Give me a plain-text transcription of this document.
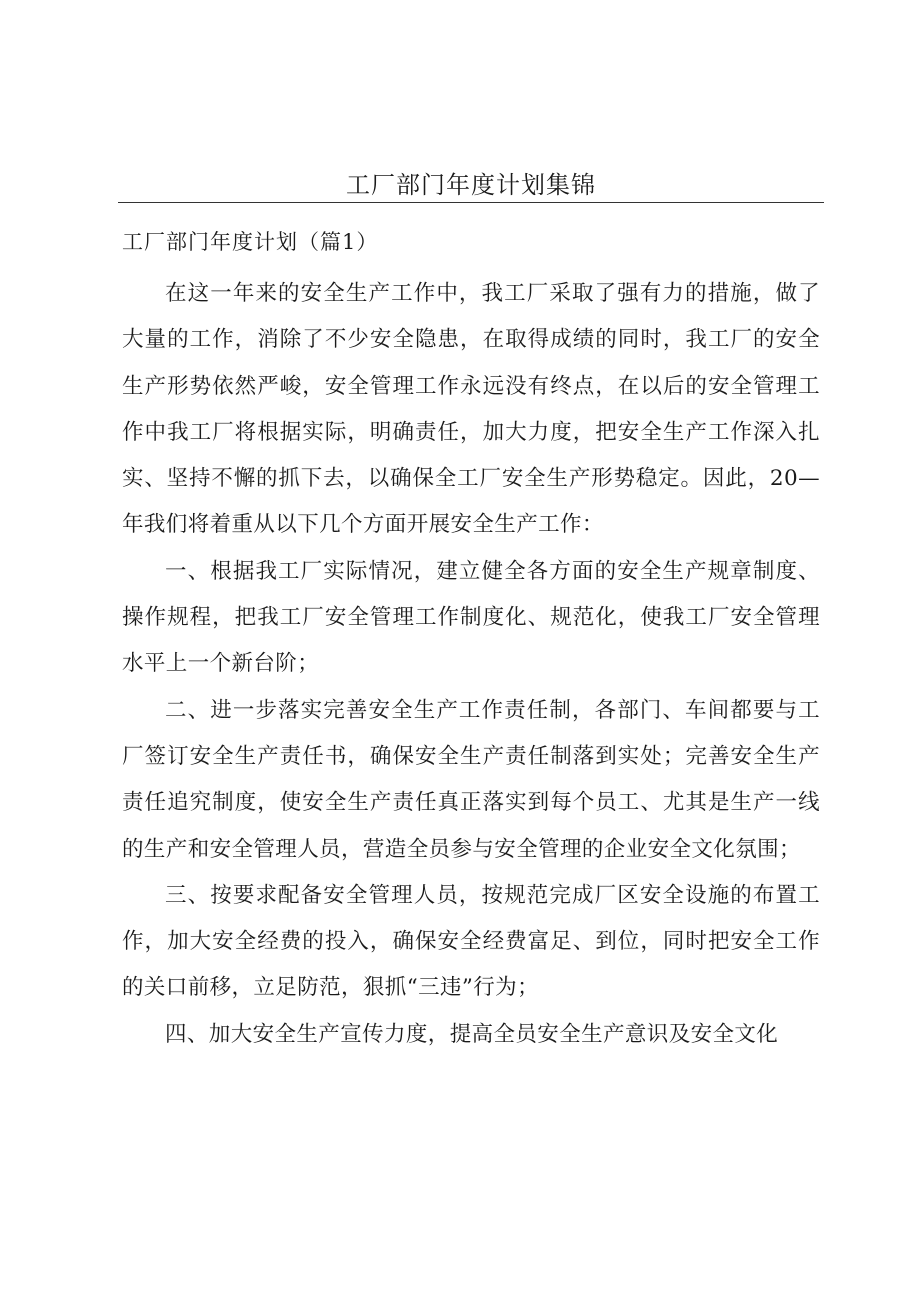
工厂部门年度计划集锦
工厂部门年度计划（篇1）

在这一年来的安全生产工作中，我工厂采取了强有力的措施，做了大量的工作，消除了不少安全隐患，在取得成绩的同时，我工厂的安全生产形势依然严峻，安全管理工作永远没有终点，在以后的安全管理工作中我工厂将根据实际，明确责任，加大力度，把安全生产工作深入扎实、坚持不懈的抓下去，以确保全工厂安全生产形势稳定。因此，20—年我们将着重从以下几个方面开展安全生产工作：

一、根据我工厂实际情况，建立健全各方面的安全生产规章制度、操作规程，把我工厂安全管理工作制度化、规范化，使我工厂安全管理水平上一个新台阶；

二、进一步落实完善安全生产工作责任制，各部门、车间都要与工厂签订安全生产责任书，确保安全生产责任制落到实处；完善安全生产责任追究制度，使安全生产责任真正落实到每个员工、尤其是生产一线的生产和安全管理人员，营造全员参与安全管理的企业安全文化氛围；

三、按要求配备安全管理人员，按规范完成厂区安全设施的布置工作，加大安全经费的投入，确保安全经费富足、到位，同时把安全工作的关口前移，立足防范，狠抓“三违”行为；

四、加大安全生产宣传力度，提高全员安全生产意识及安全文化
